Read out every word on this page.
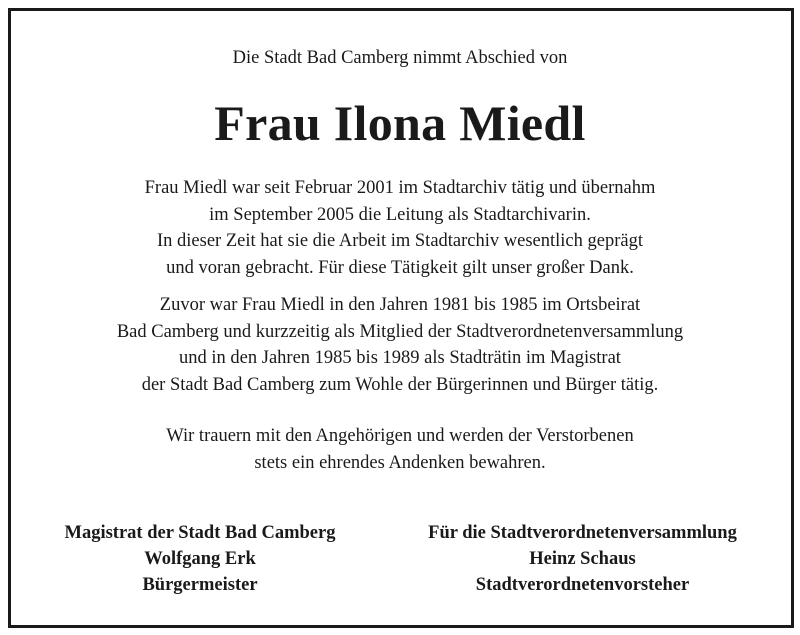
Die Stadt Bad Camberg nimmt Abschied von
Frau Ilona Miedl
Frau Miedl war seit Februar 2001 im Stadtarchiv tätig und übernahm
im September 2005 die Leitung als Stadtarchivarin.
In dieser Zeit hat sie die Arbeit im Stadtarchiv wesentlich geprägt
und voran gebracht. Für diese Tätigkeit gilt unser großer Dank.
Zuvor war Frau Miedl in den Jahren 1981 bis 1985 im Ortsbeirat
Bad Camberg und kurzzeitig als Mitglied der Stadtverordnetenversammlung
und in den Jahren 1985 bis 1989 als Stadträtin im Magistrat
der Stadt Bad Camberg zum Wohle der Bürgerinnen und Bürger tätig.
Wir trauern mit den Angehörigen und werden der Verstorbenen
stets ein ehrendes Andenken bewahren.
Magistrat der Stadt Bad Camberg
Wolfgang Erk
Bürgermeister
Für die Stadtverordnetenversammlung
Heinz Schaus
Stadtverordnetenvorsteher
